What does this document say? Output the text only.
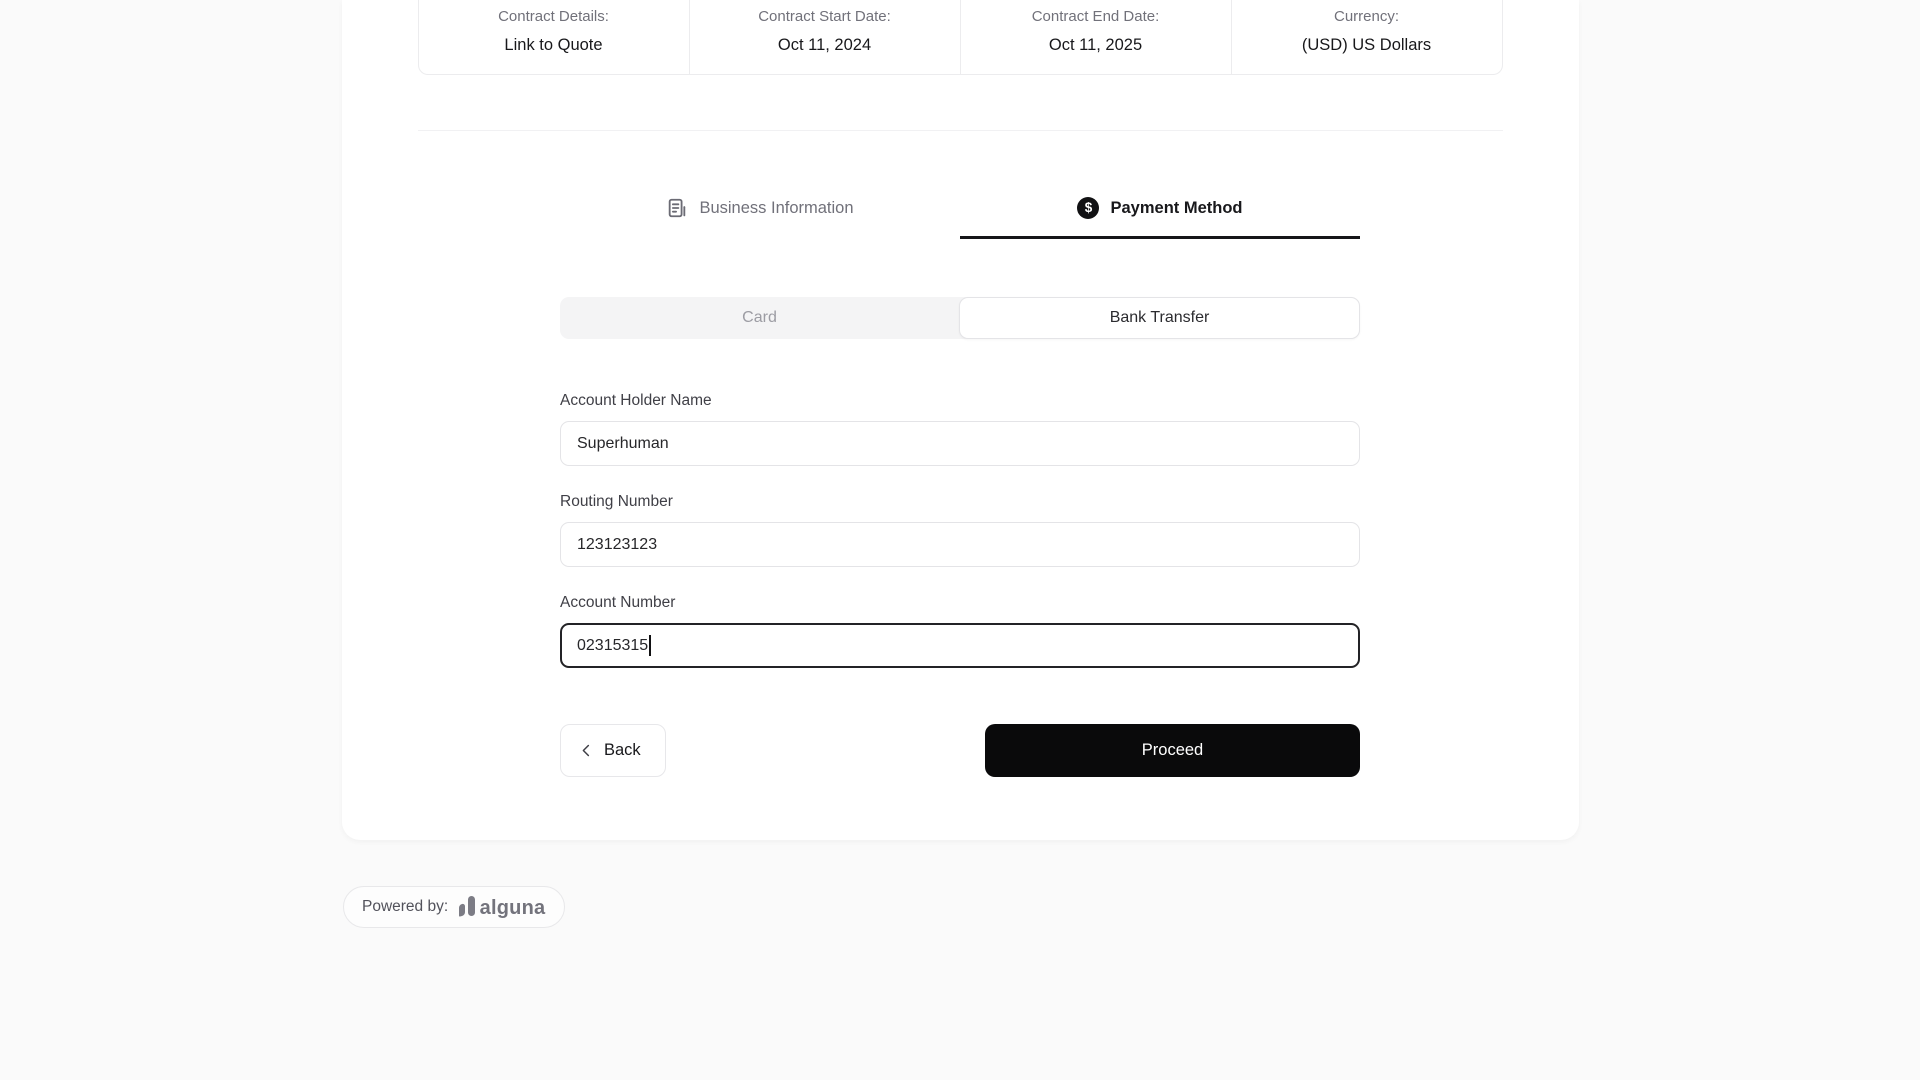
Contract Details:
Link to Quote
Contract Start Date:
Oct 11, 2024
Contract End Date:
Oct 11, 2025
Currency:
(USD) US Dollars
Business Information	$	Payment Method
Card	Bank Transfer
Account Holder Name
Superhuman
Routing Number
123123123
Account Number
02315315
Back	Proceed
Powered by: alguna
